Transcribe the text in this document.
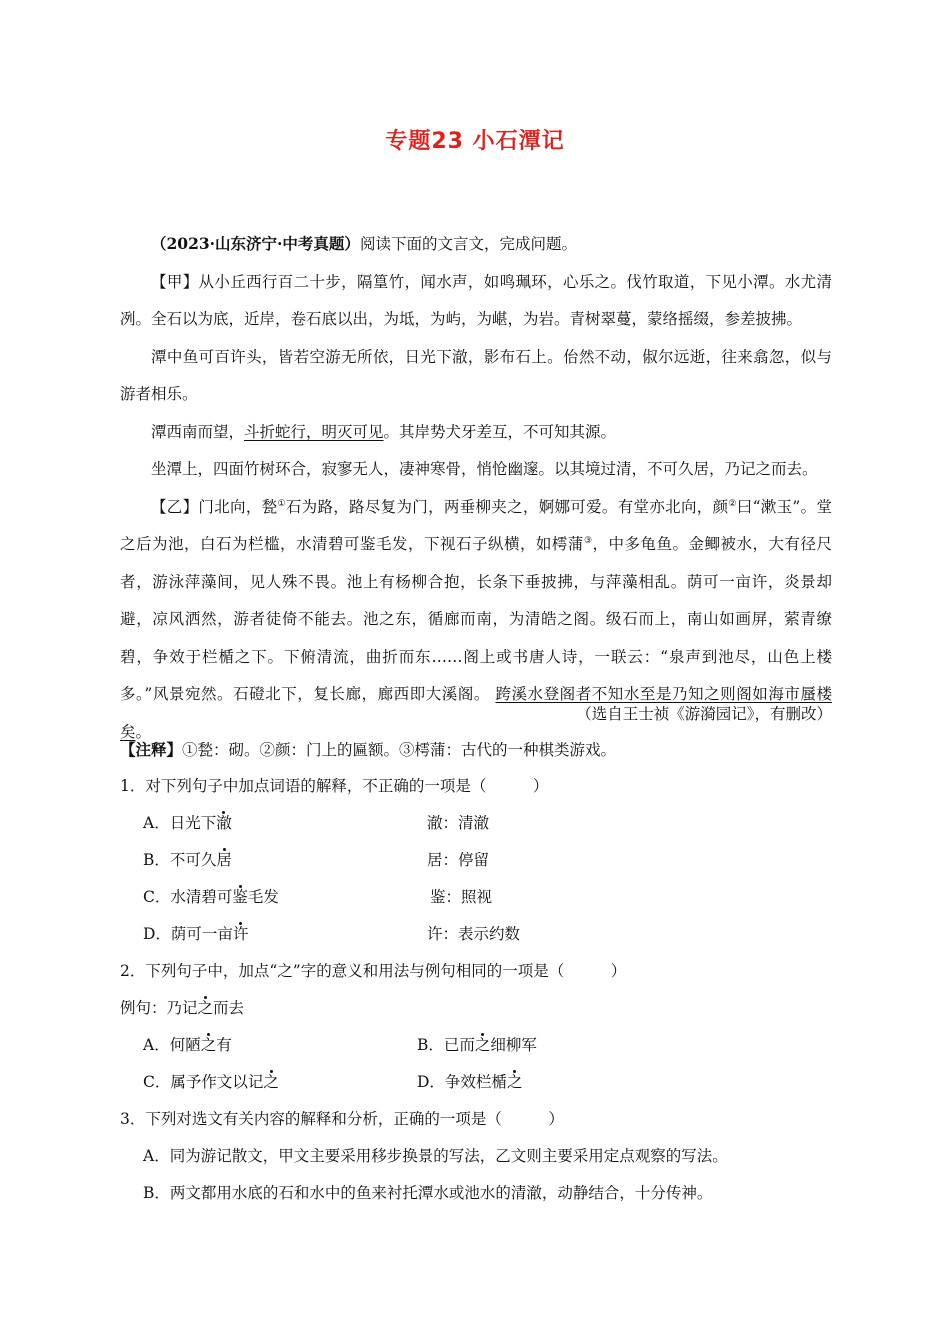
专题23 小石潭记

（2023·山东济宁·中考真题）阅读下面的文言文，完成问题。

【甲】从小丘西行百二十步，隔篁竹，闻水声，如鸣珮环，心乐之。伐竹取道，下见小潭。水尤清冽。全石以为底，近岸，卷石底以出，为坻，为屿，为嵁，为岩。青树翠蔓，蒙络摇缀，参差披拂。

潭中鱼可百许头，皆若空游无所依，日光下澈，影布石上。佁然不动，俶尔远逝，往来翕忽，似与游者相乐。

潭西南而望，斗折蛇行，明灭可见。其岸势犬牙差互，不可知其源。

坐潭上，四面竹树环合，寂寥无人，凄神寒骨，悄怆幽邃。以其境过清，不可久居，乃记之而去。

【乙】门北向，甃①石为路，路尽复为门，两垂柳夹之，婀娜可爱。有堂亦北向，颜②曰“漱玉”。堂之后为池，白石为栏槛，水清碧可鉴毛发，下视石子纵横，如樗蒲③，中多龟鱼。金鲫被水，大有径尺者，游泳萍藻间，见人殊不畏。池上有杨柳合抱，长条下垂披拂，与萍藻相乱。荫可一亩许，炎景却避，凉风洒然，游者徒倚不能去。池之东，循廊而南，为清皓之阁。级石而上，南山如画屏，萦青缭碧，争效于栏楯之下。下俯清流，曲折而东……阁上或书唐人诗，一联云：“泉声到池尽，山色上楼多。”风景宛然。石磴北下，复长廊，廊西即大溪阁。 跨溪水登阁者不知水至是乃知之则阁如海市蜃楼矣。

（选自王士祯《游漪园记》，有删改）
【注释】①甃：砌。②颜：门上的匾额。③樗蒲：古代的一种棋类游戏。
1．对下列句子中加点词语的解释，不正确的一项是（　　　）
A．日光下澈	澈：清澈
B．不可久居	居：停留
C．水清碧可鉴毛发	鉴：照视
D．荫可一亩许	许：表示约数
2．下列句子中，加点“之”字的意义和用法与例句相同的一项是（　　　）
例句：乃记之而去
A．何陋之有	B．已而之细柳军
C．属予作文以记之	D．争效栏楯之
3．下列对选文有关内容的解释和分析，正确的一项是（　　　）
A．同为游记散文，甲文主要采用移步换景的写法，乙文则主要采用定点观察的写法。
B．两文都用水底的石和水中的鱼来衬托潭水或池水的清澈，动静结合，十分传神。
